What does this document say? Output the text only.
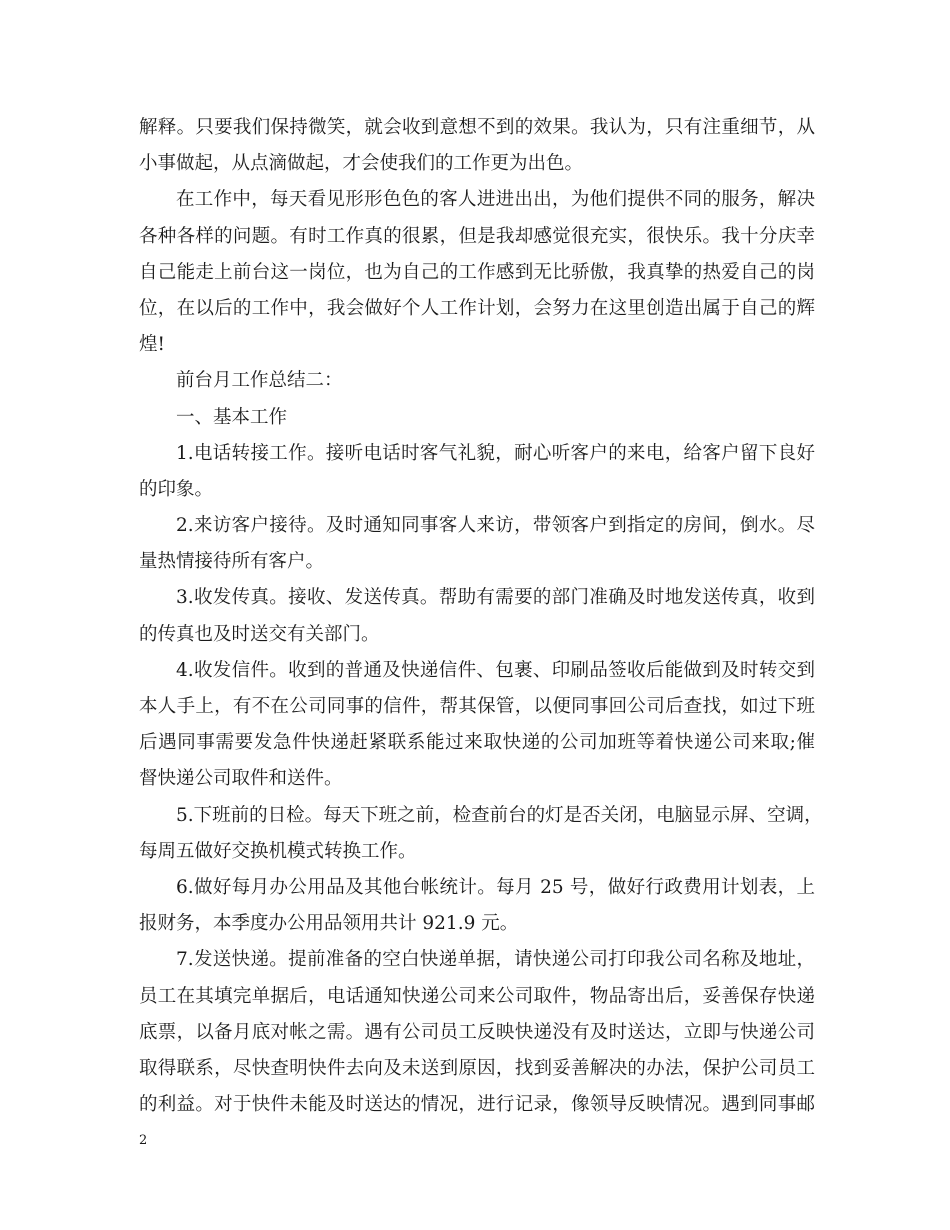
解释。只要我们保持微笑，就会收到意想不到的效果。我认为，只有注重细节，从
小事做起，从点滴做起，才会使我们的工作更为出色。
在工作中，每天看见形形色色的客人进进出出，为他们提供不同的服务，解决
各种各样的问题。有时工作真的很累，但是我却感觉很充实，很快乐。我十分庆幸
自己能走上前台这一岗位，也为自己的工作感到无比骄傲，我真挚的热爱自己的岗
位，在以后的工作中，我会做好个人工作计划，会努力在这里创造出属于自己的辉
煌!
前台月工作总结二：
一、基本工作
1.电话转接工作。接听电话时客气礼貌，耐心听客户的来电，给客户留下良好
的印象。
2.来访客户接待。及时通知同事客人来访，带领客户到指定的房间，倒水。尽
量热情接待所有客户。
3.收发传真。接收、发送传真。帮助有需要的部门准确及时地发送传真，收到
的传真也及时送交有关部门。
4.收发信件。收到的普通及快递信件、包裹、印刷品签收后能做到及时转交到
本人手上，有不在公司同事的信件，帮其保管，以便同事回公司后查找，如过下班
后遇同事需要发急件快递赶紧联系能过来取快递的公司加班等着快递公司来取;催
督快递公司取件和送件。
5.下班前的日检。每天下班之前，检查前台的灯是否关闭，电脑显示屏、空调，
每周五做好交换机模式转换工作。
6.做好每月办公用品及其他台帐统计。每月 25 号，做好行政费用计划表，上
报财务，本季度办公用品领用共计 921.9 元。
7.发送快递。提前准备的空白快递单据，请快递公司打印我公司名称及地址，
员工在其填完单据后，电话通知快递公司来公司取件，物品寄出后，妥善保存快递
底票，以备月底对帐之需。遇有公司员工反映快递没有及时送达，立即与快递公司
取得联系，尽快查明快件去向及未送到原因，找到妥善解决的办法，保护公司员工
的利益。对于快件未能及时送达的情况，进行记录，像领导反映情况。遇到同事邮
2
